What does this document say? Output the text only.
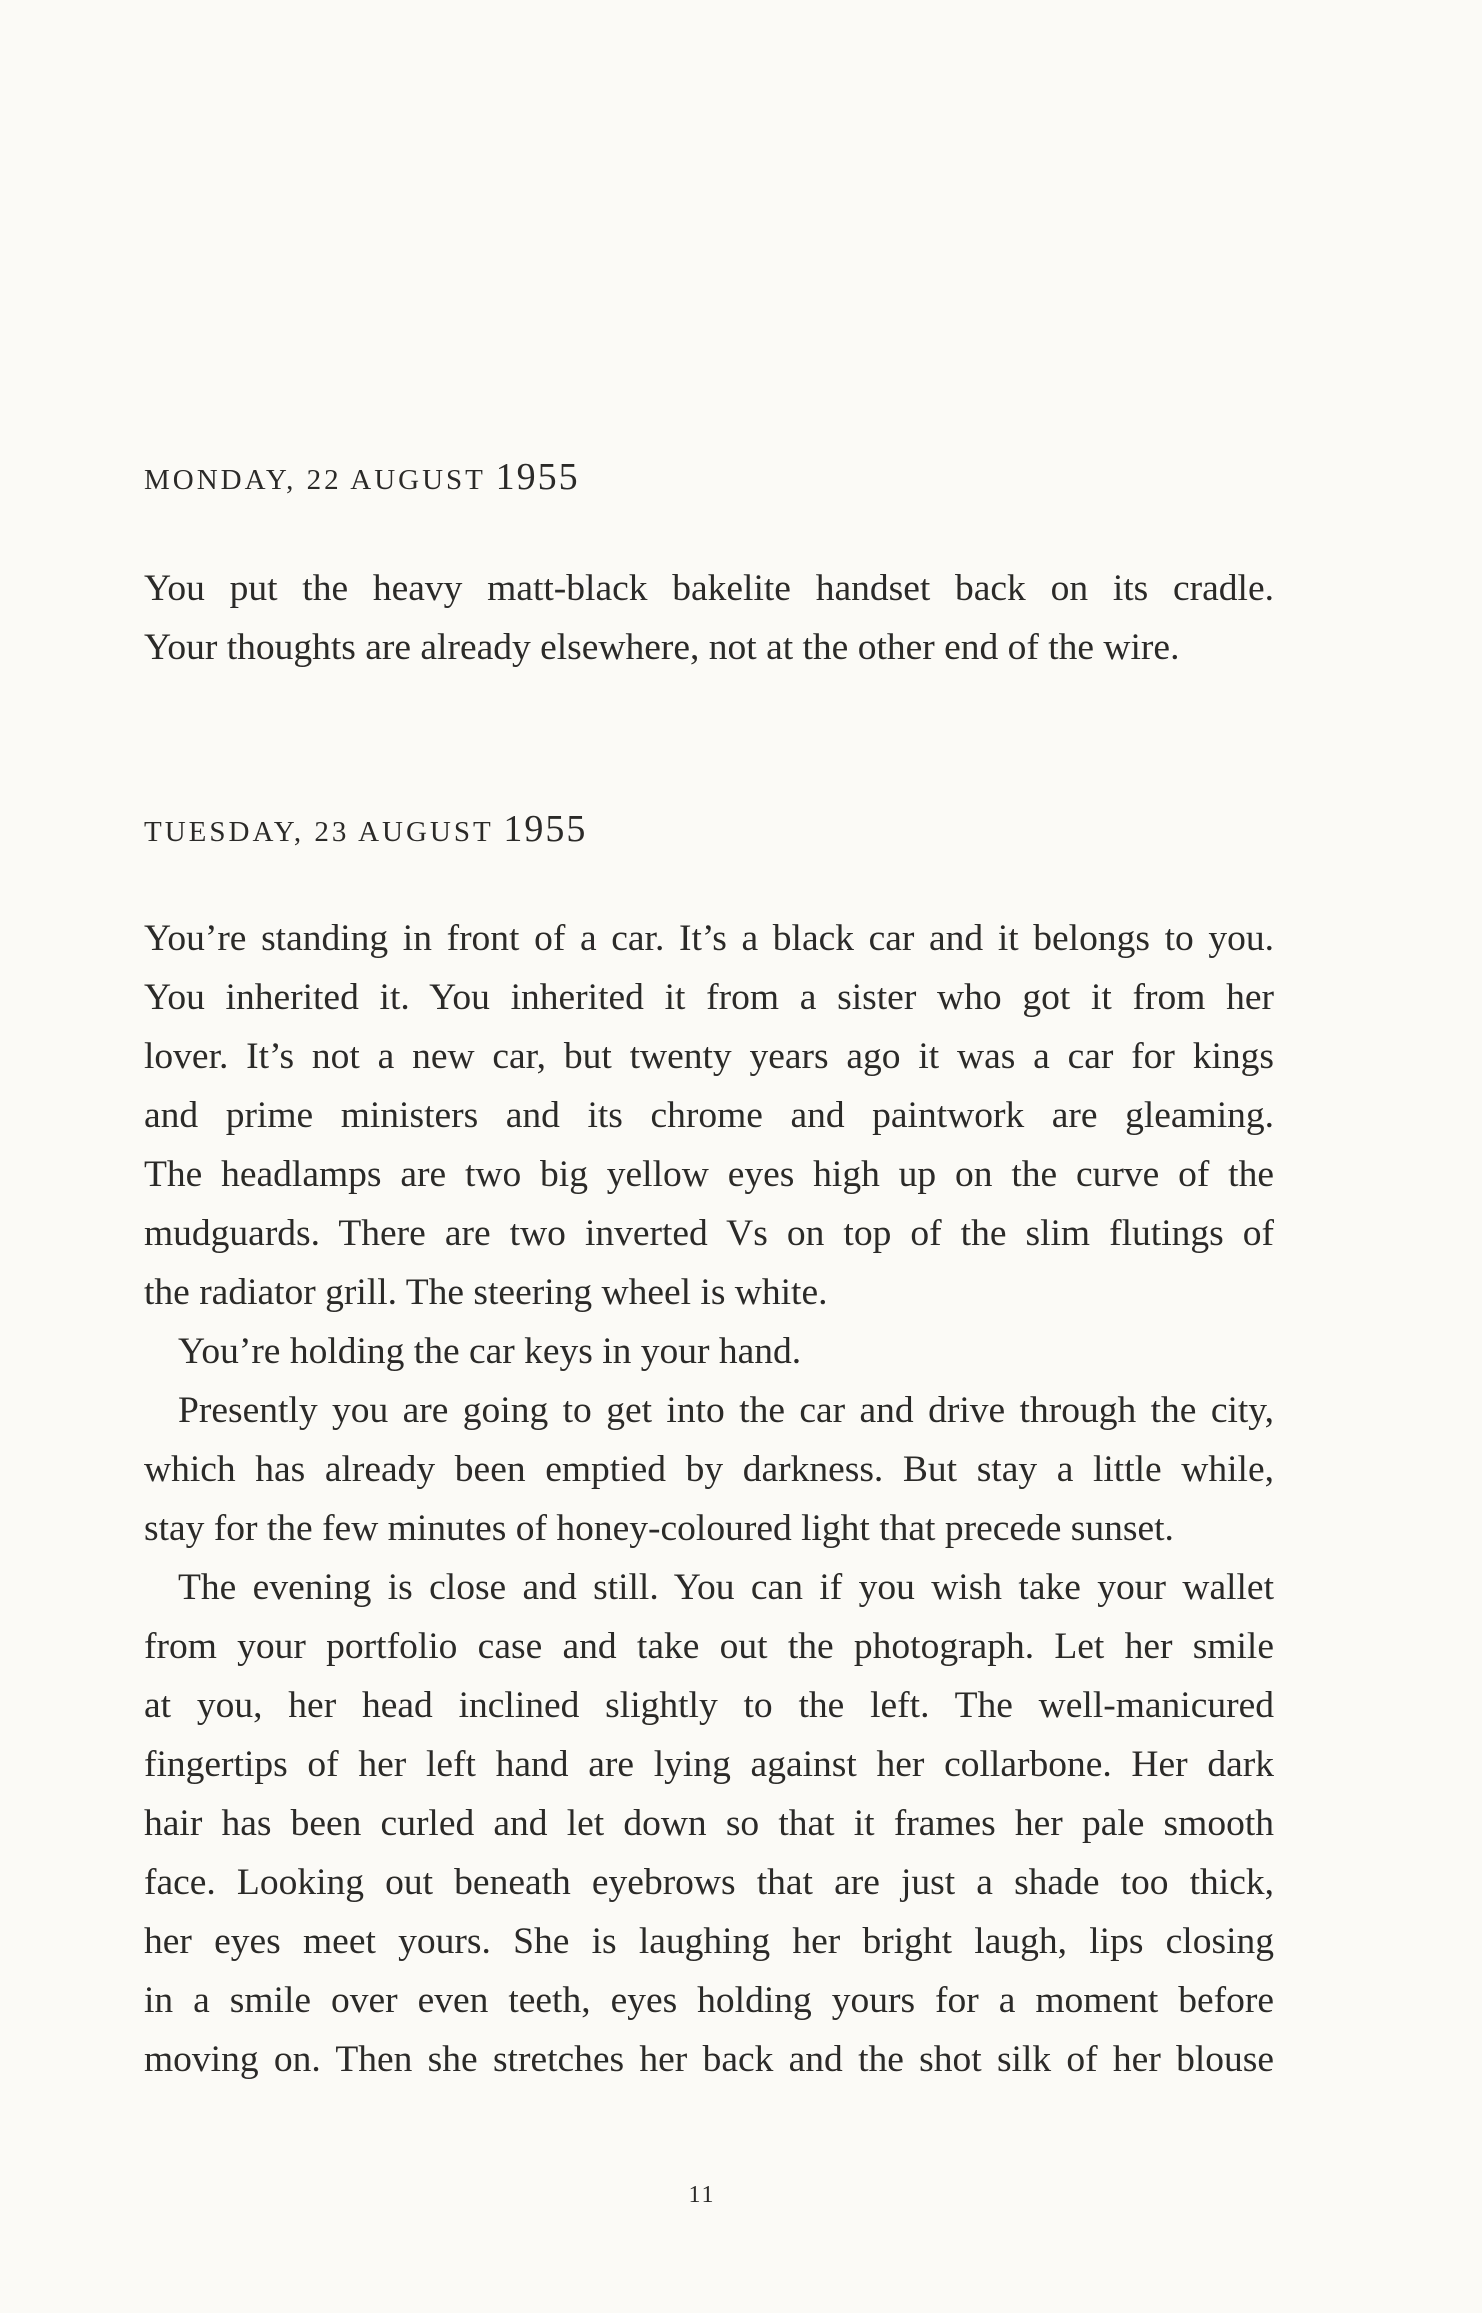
MONDAY, 22 AUGUST 1955
You put the heavy matt-black bakelite handset back on its cradle.
Your thoughts are already elsewhere, not at the other end of the wire.
TUESDAY, 23 AUGUST 1955
You’re standing in front of a car. It’s a black car and it belongs to you.
You inherited it. You inherited it from a sister who got it from her
lover. It’s not a new car, but twenty years ago it was a car for kings
and prime ministers and its chrome and paintwork are gleaming.
The headlamps are two big yellow eyes high up on the curve of the
mudguards. There are two inverted Vs on top of the slim flutings of
the radiator grill. The steering wheel is white.
You’re holding the car keys in your hand.
Presently you are going to get into the car and drive through the city,
which has already been emptied by darkness. But stay a little while,
stay for the few minutes of honey-coloured light that precede sunset.
The evening is close and still. You can if you wish take your wallet
from your portfolio case and take out the photograph. Let her smile
at you, her head inclined slightly to the left. The well-manicured
fingertips of her left hand are lying against her collarbone. Her dark
hair has been curled and let down so that it frames her pale smooth
face. Looking out beneath eyebrows that are just a shade too thick,
her eyes meet yours. She is laughing her bright laugh, lips closing
in a smile over even teeth, eyes holding yours for a moment before
moving on. Then she stretches her back and the shot silk of her blouse
11
